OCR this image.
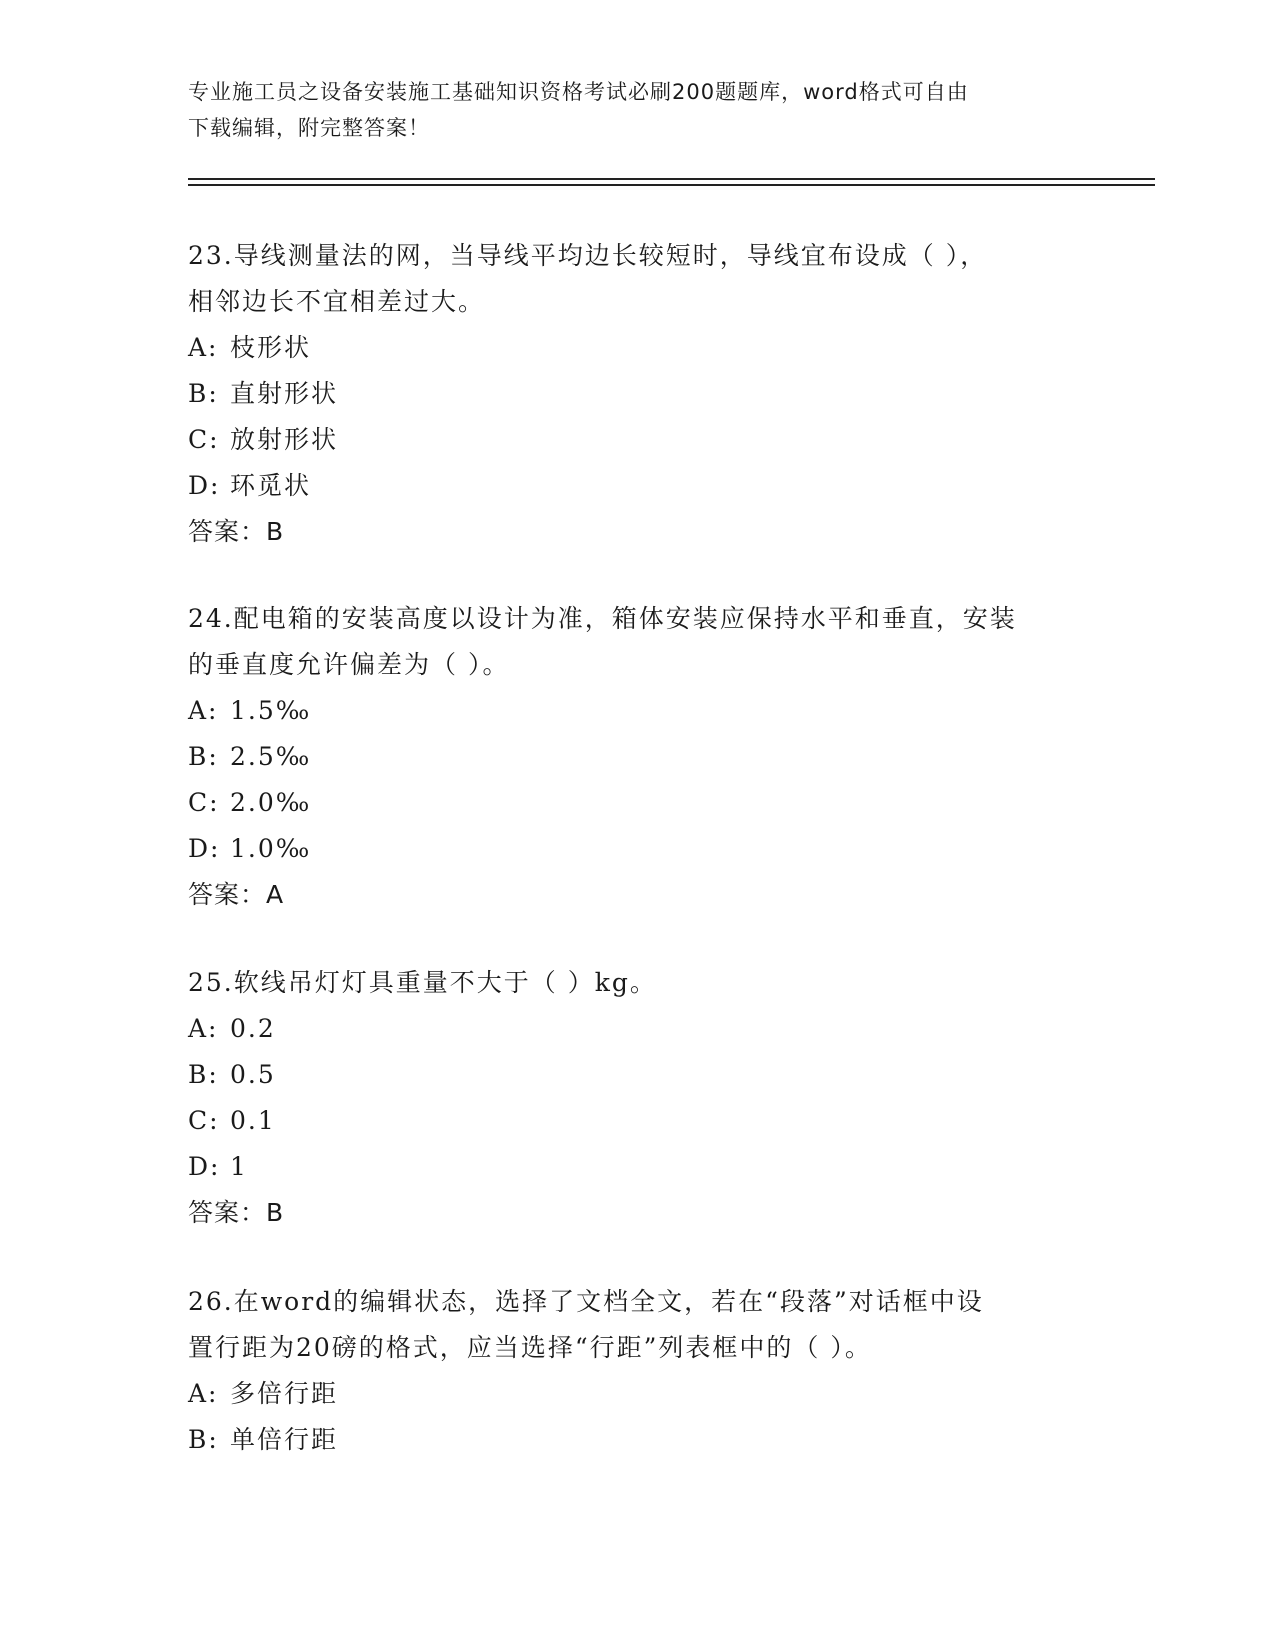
专业施工员之设备安装施工基础知识资格考试必刷200题题库，word格式可自由
下载编辑，附完整答案！

23.导线测量法的网，当导线平均边长较短时，导线宜布设成（ ），

相邻边长不宜相差过大。

A: 枝形状

B: 直射形状

C: 放射形状

D: 环觅状

答案：B

24.配电箱的安装高度以设计为准，箱体安装应保持水平和垂直，安装

的垂直度允许偏差为（ ）。

A: 1.5‰

B: 2.5‰

C: 2.0‰

D: 1.0‰

答案：A

25.软线吊灯灯具重量不大于（ ）kg。

A: 0.2

B: 0.5

C: 0.1

D: 1

答案：B

26.在word的编辑状态，选择了文档全文，若在“段落”对话框中设

置行距为20磅的格式，应当选择“行距”列表框中的（ ）。

A: 多倍行距

B: 单倍行距
